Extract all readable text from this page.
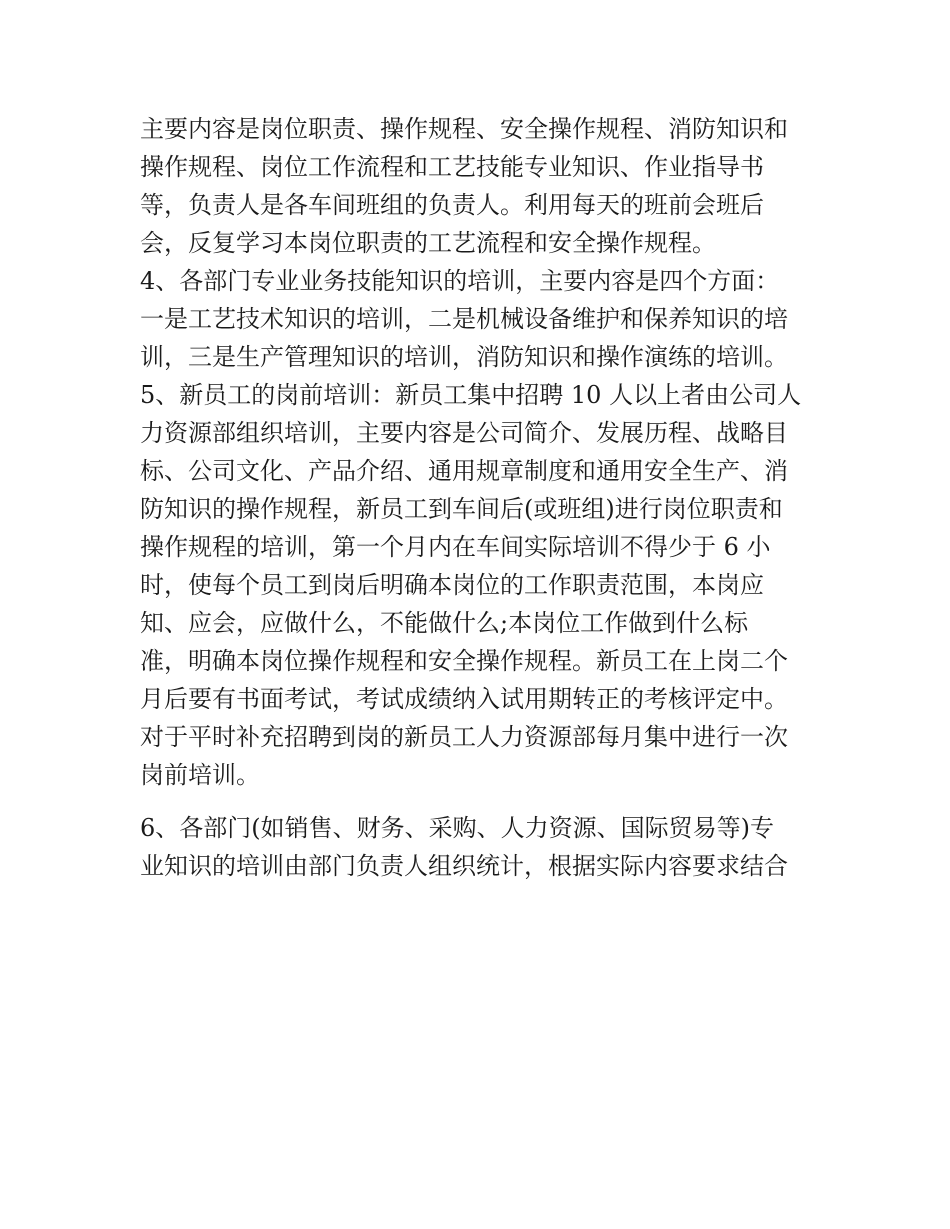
主要内容是岗位职责、操作规程、安全操作规程、消防知识和
操作规程、岗位工作流程和工艺技能专业知识、作业指导书
等，负责人是各车间班组的负责人。利用每天的班前会班后
会，反复学习本岗位职责的工艺流程和安全操作规程。
4、各部门专业业务技能知识的培训，主要内容是四个方面：
一是工艺技术知识的培训，二是机械设备维护和保养知识的培
训，三是生产管理知识的培训，消防知识和操作演练的培训。
5、新员工的岗前培训：新员工集中招聘 10 人以上者由公司人
力资源部组织培训，主要内容是公司简介、发展历程、战略目
标、公司文化、产品介绍、通用规章制度和通用安全生产、消
防知识的操作规程，新员工到车间后(或班组)进行岗位职责和
操作规程的培训，第一个月内在车间实际培训不得少于 6 小
时，使每个员工到岗后明确本岗位的工作职责范围，本岗应
知、应会，应做什么，不能做什么;本岗位工作做到什么标
准，明确本岗位操作规程和安全操作规程。新员工在上岗二个
月后要有书面考试，考试成绩纳入试用期转正的考核评定中。
对于平时补充招聘到岗的新员工人力资源部每月集中进行一次
岗前培训。
6、各部门(如销售、财务、采购、人力资源、国际贸易等)专
业知识的培训由部门负责人组织统计，根据实际内容要求结合
